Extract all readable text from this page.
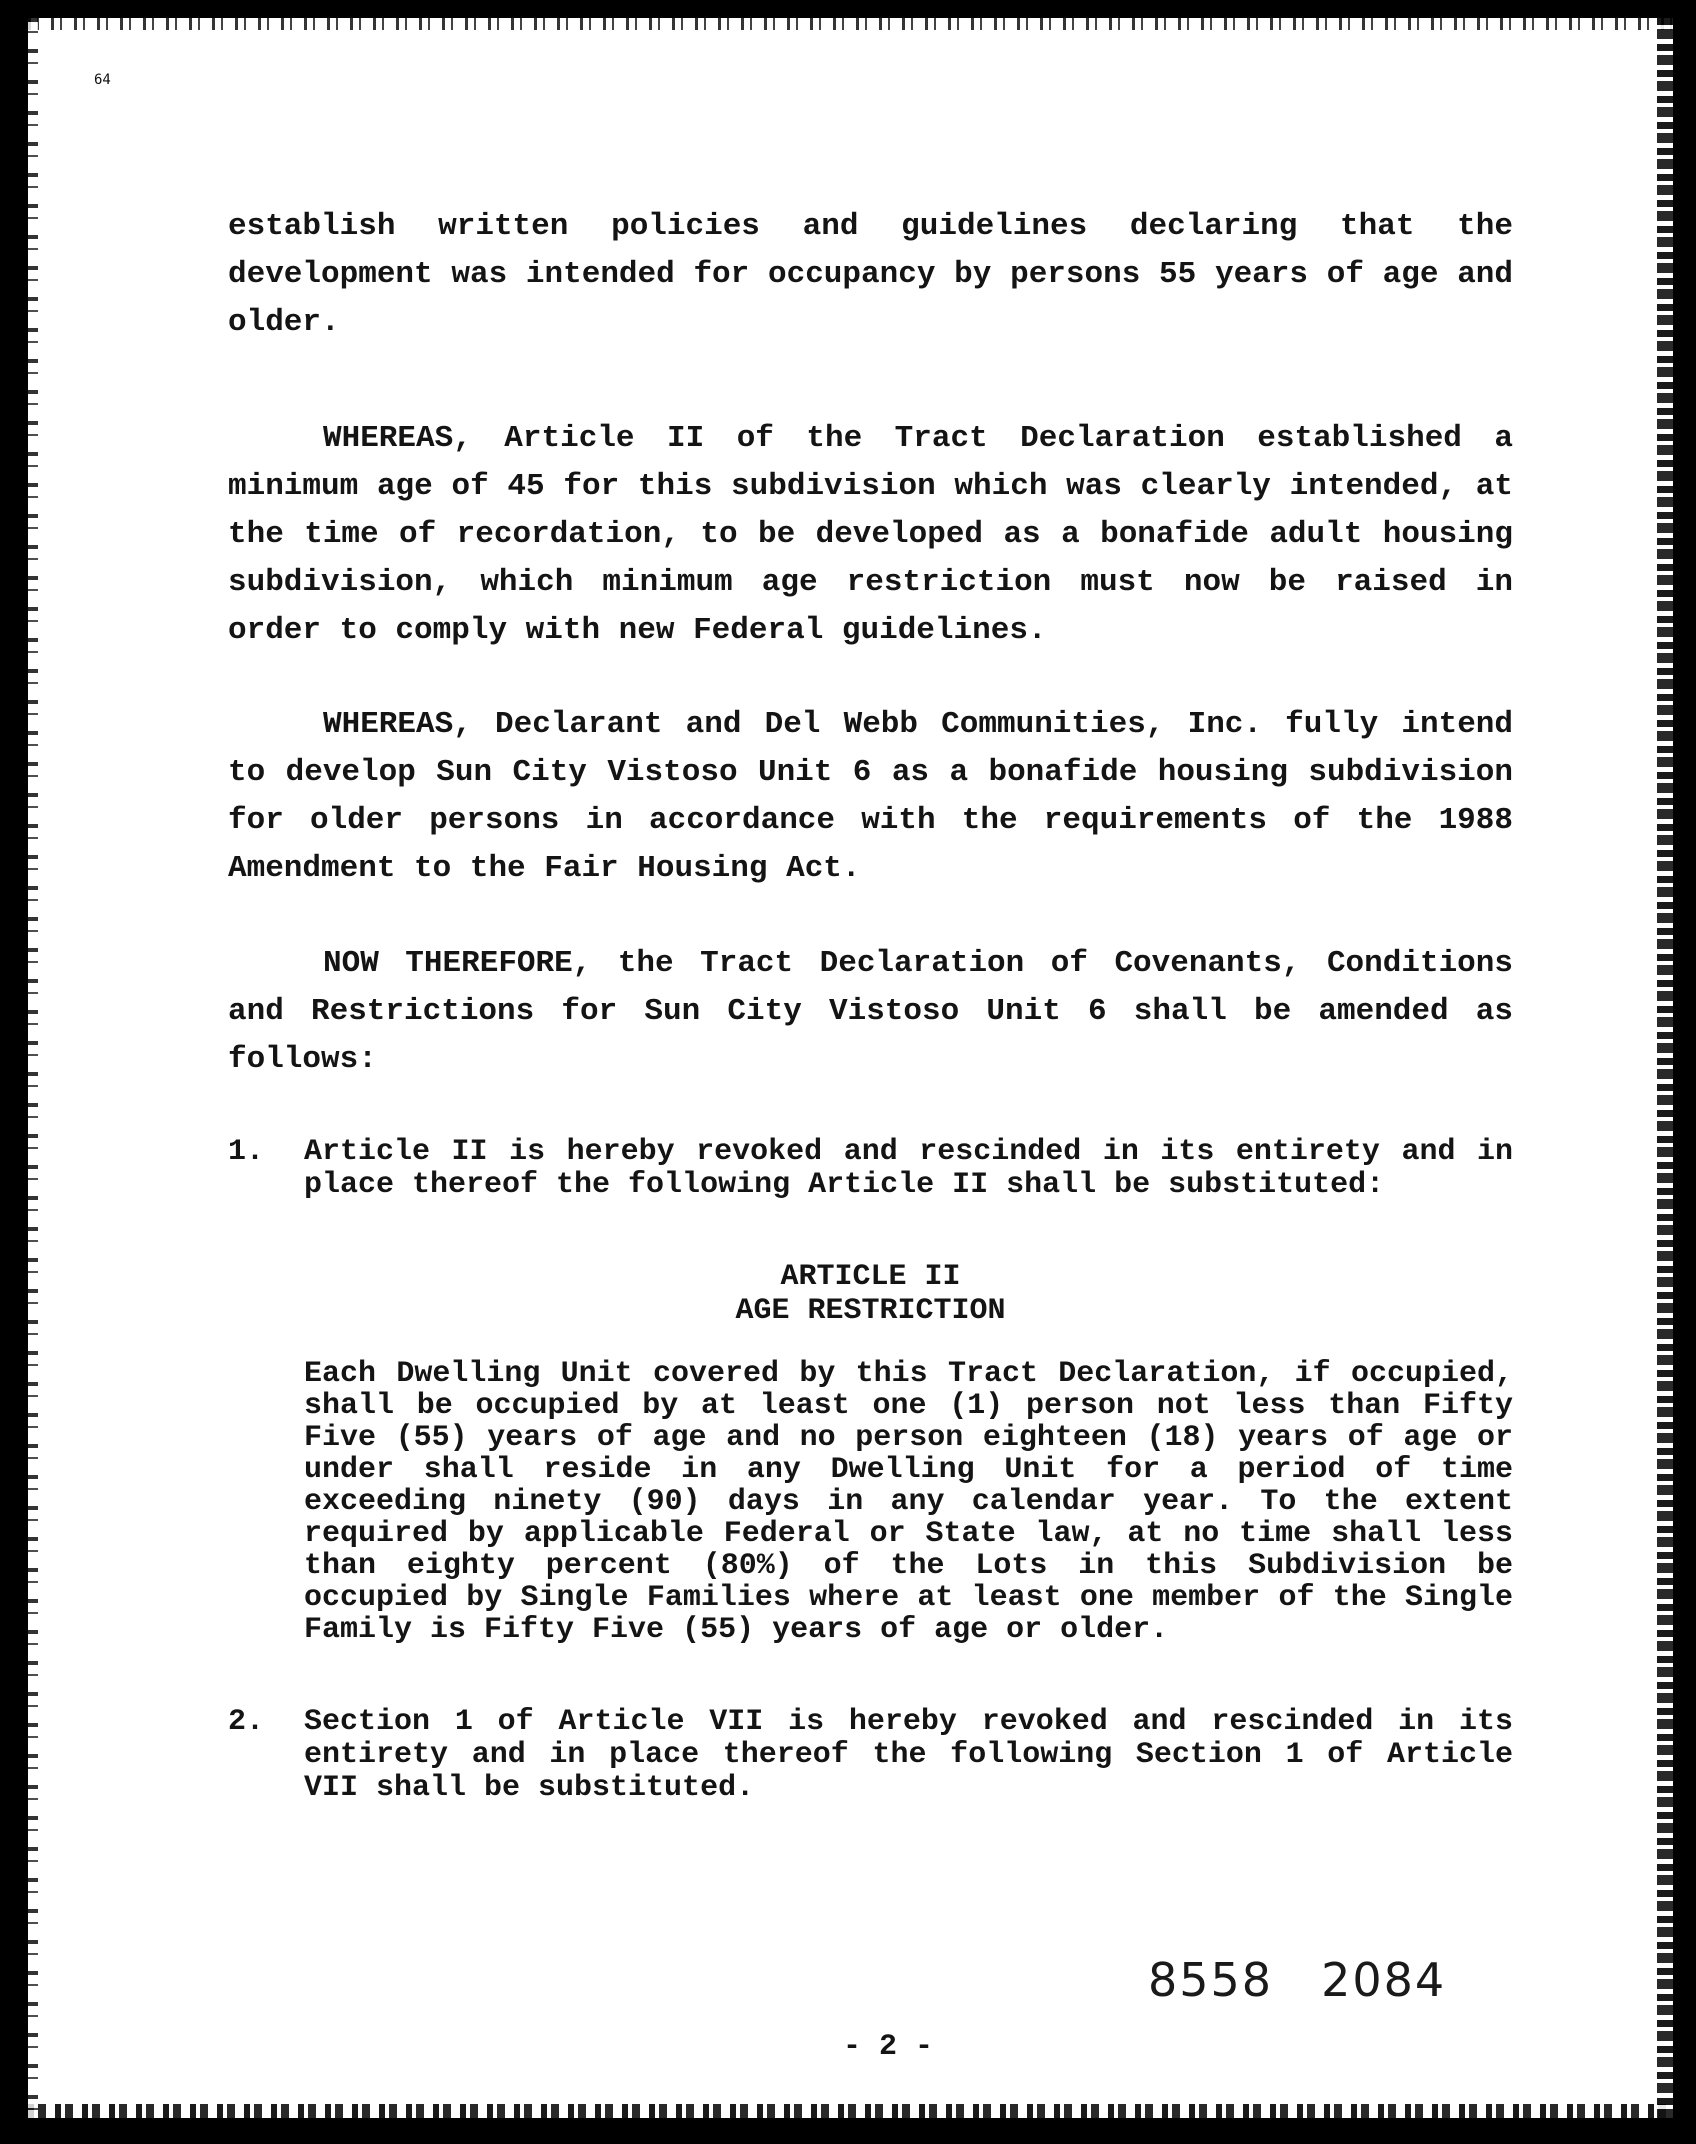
64

establish written policies and guidelines declaring that the development was intended for occupancy by persons 55 years of age and older.

WHEREAS, Article II of the Tract Declaration established a minimum age of 45 for this subdivision which was clearly intended, at the time of recordation, to be developed as a bonafide adult housing subdivision, which minimum age restriction must now be raised in order to comply with new Federal guidelines.

WHEREAS, Declarant and Del Webb Communities, Inc. fully intend to develop Sun City Vistoso Unit 6 as a bonafide housing subdivision for older persons in accordance with the requirements of the 1988 Amendment to the Fair Housing Act.

NOW THEREFORE, the Tract Declaration of Covenants, Conditions and Restrictions for Sun City Vistoso Unit 6 shall be amended as follows:

1.	Article II is hereby revoked and rescinded in its entirety and in place thereof the following Article II shall be substituted:
ARTICLE II
AGE RESTRICTION

Each Dwelling Unit covered by this Tract Declaration, if occupied, shall be occupied by at least one (1) person not less than Fifty Five (55) years of age and no person eighteen (18) years of age or under shall reside in any Dwelling Unit for a period of time exceeding ninety (90) days in any calendar year. To the extent required by applicable Federal or State law, at no time shall less than eighty percent (80%) of the Lots in this Subdivision be occupied by Single Families where at least one member of the Single Family is Fifty Five (55) years of age or older.

2.	Section 1 of Article VII is hereby revoked and rescinded in its entirety and in place thereof the following Section 1 of Article VII shall be substituted.
8558 2084
- 2 -
